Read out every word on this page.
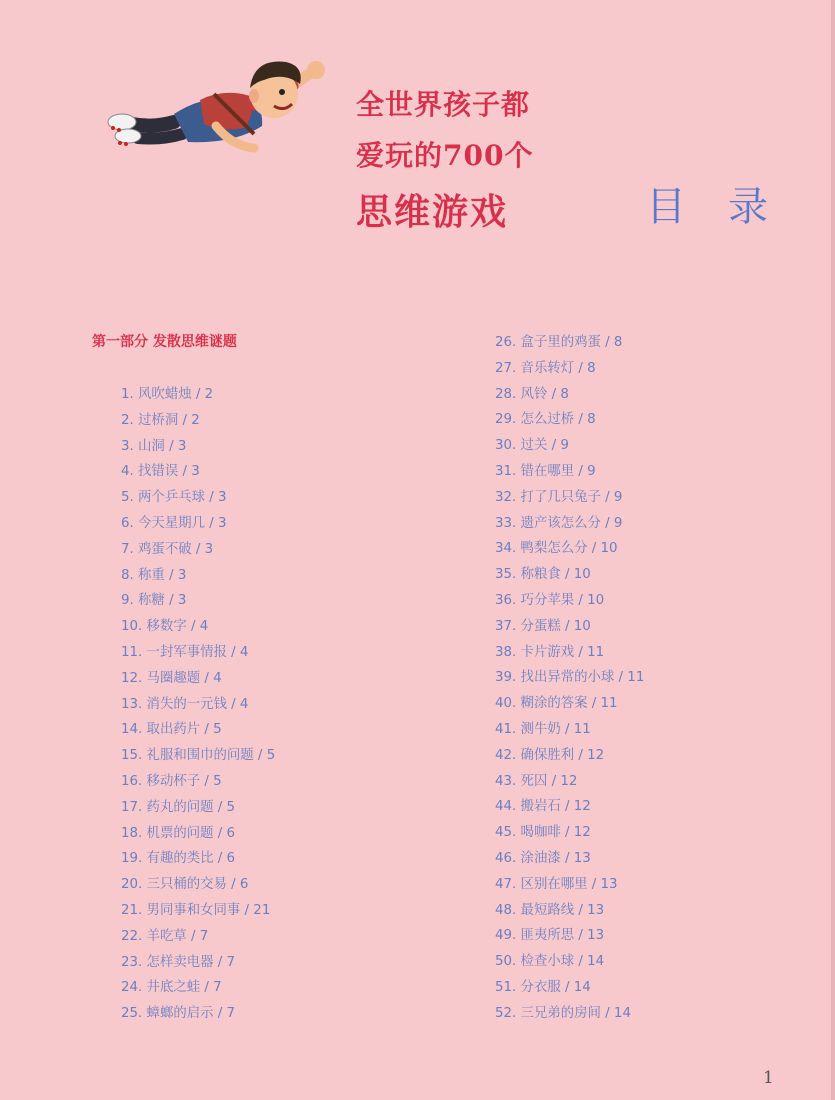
全世界孩子都
爱玩的700个
思维游戏	目录
第一部分 发散思维谜题
1. 风吹蜡烛 / 2
2. 过桥洞 / 2
3. 山洞 / 3
4. 找错误 / 3
5. 两个乒乓球 / 3
6. 今天星期几 / 3
7. 鸡蛋不破 / 3
8. 称重 / 3
9. 称糖 / 3
10. 移数字 / 4
11. 一封军事情报 / 4
12. 马圈趣题 / 4
13. 消失的一元钱 / 4
14. 取出药片 / 5
15. 礼服和围巾的问题 / 5
16. 移动杯子 / 5
17. 药丸的问题 / 5
18. 机票的问题 / 6
19. 有趣的类比 / 6
20. 三只桶的交易 / 6
21. 男同事和女同事 / 21
22. 羊吃草 / 7
23. 怎样卖电器 / 7
24. 井底之蛙 / 7
25. 蟑螂的启示 / 7
26. 盒子里的鸡蛋 / 8
27. 音乐转灯 / 8
28. 风铃 / 8
29. 怎么过桥 / 8
30. 过关 / 9
31. 错在哪里 / 9
32. 打了几只兔子 / 9
33. 遗产该怎么分 / 9
34. 鸭梨怎么分 / 10
35. 称粮食 / 10
36. 巧分苹果 / 10
37. 分蛋糕 / 10
38. 卡片游戏 / 11
39. 找出异常的小球 / 11
40. 糊涂的答案 / 11
41. 测牛奶 / 11
42. 确保胜利 / 12
43. 死囚 / 12
44. 搬岩石 / 12
45. 喝咖啡 / 12
46. 涂油漆 / 13
47. 区别在哪里 / 13
48. 最短路线 / 13
49. 匪夷所思 / 13
50. 检查小球 / 14
51. 分衣服 / 14
52. 三兄弟的房间 / 14
1
